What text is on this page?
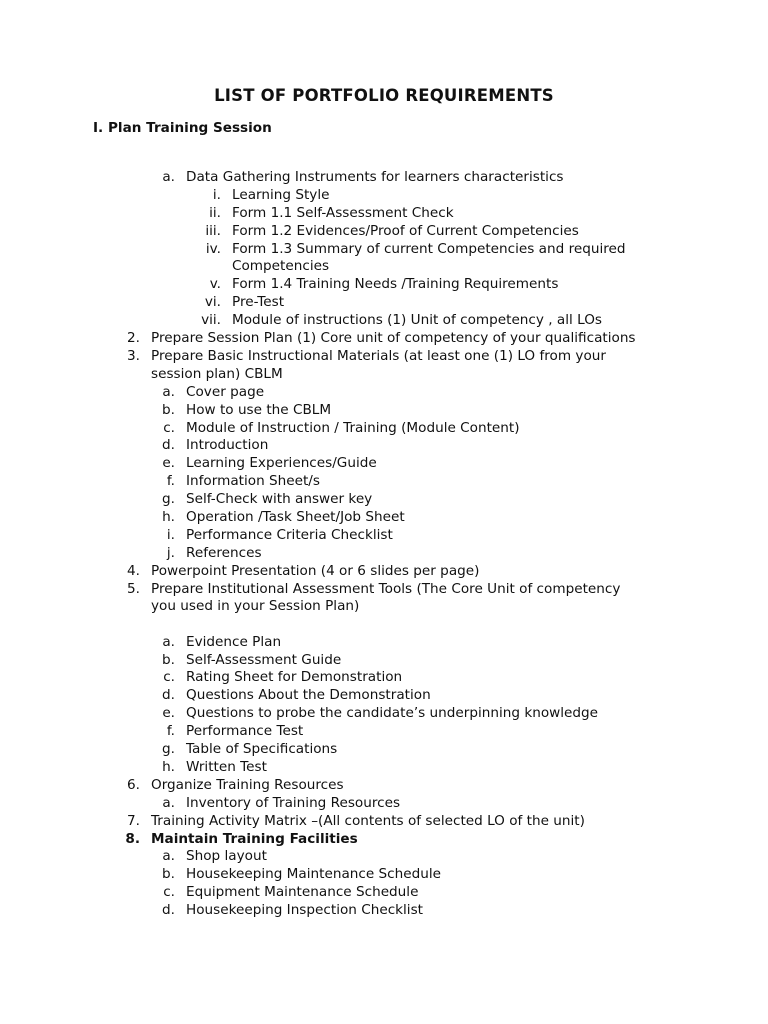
LIST OF PORTFOLIO REQUIREMENTS
I. Plan Training Session
a. Data Gathering Instruments for learners characteristics
i. Learning Style
ii. Form 1.1 Self-Assessment Check
iii. Form 1.2 Evidences/Proof of Current Competencies
iv. Form 1.3 Summary of current Competencies and required
Competencies
v. Form 1.4 Training Needs /Training Requirements
vi. Pre-Test
vii. Module of instructions (1) Unit of competency , all LOs
2. Prepare Session Plan (1) Core unit of competency of your qualifications
3. Prepare Basic Instructional Materials (at least one (1) LO from your
session plan) CBLM
a. Cover page
b. How to use the CBLM
c. Module of Instruction / Training (Module Content)
d. Introduction
e. Learning Experiences/Guide
f. Information Sheet/s
g. Self-Check with answer key
h. Operation /Task Sheet/Job Sheet
i. Performance Criteria Checklist
j. References
4. Powerpoint Presentation (4 or 6 slides per page)
5. Prepare Institutional Assessment Tools (The Core Unit of competency
you used in your Session Plan)
a. Evidence Plan
b. Self-Assessment Guide
c. Rating Sheet for Demonstration
d. Questions About the Demonstration
e. Questions to probe the candidate’s underpinning knowledge
f. Performance Test
g. Table of Specifications
h. Written Test
6. Organize Training Resources
a. Inventory of Training Resources
7. Training Activity Matrix –(All contents of selected LO of the unit)
8. Maintain Training Facilities
a. Shop layout
b. Housekeeping Maintenance Schedule
c. Equipment Maintenance Schedule
d. Housekeeping Inspection Checklist
